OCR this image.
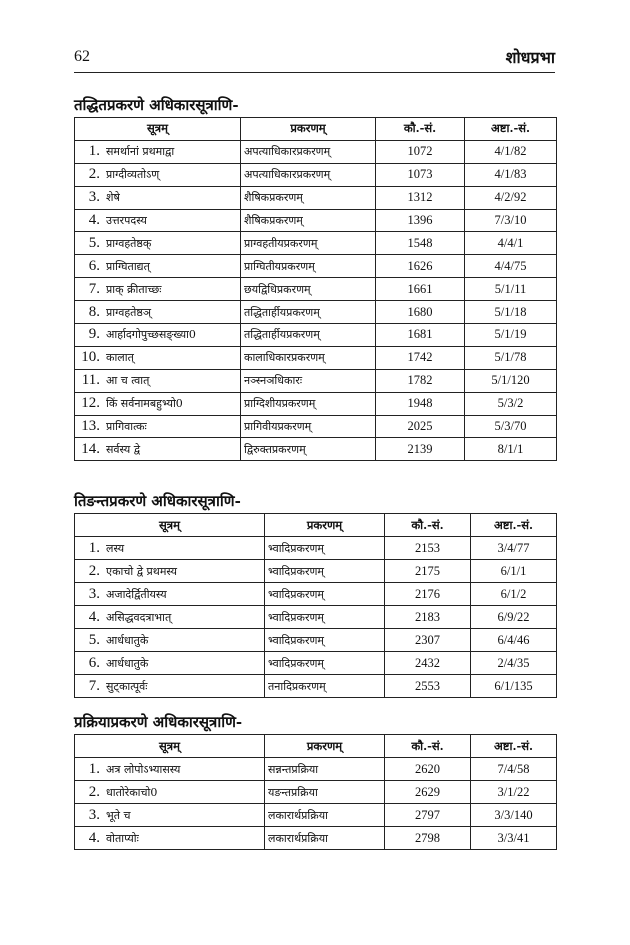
62	शोधप्रभा
तद्धितप्रकरणे अधिकारसूत्राणि-
सूत्रम्	प्रकरणम्	कौ.-सं.	अष्टा.-सं.
1. समर्थानां प्रथमाद्वा	अपत्याधिकारप्रकरणम्	1072	4/1/82
2. प्राग्दीव्यतोऽण्	अपत्याधिकारप्रकरणम्	1073	4/1/83
3. शेषे	शैषिकप्रकरणम्	1312	4/2/92
4. उत्तरपदस्य	शैषिकप्रकरणम्	1396	7/3/10
5. प्राग्वहतेष्ठक्	प्राग्वहतीयप्रकरणम्	1548	4/4/1
6. प्राग्घिताद्यत्	प्राग्घितीयप्रकरणम्	1626	4/4/75
7. प्राक् क्रीताच्छः	छयद्विधिप्रकरणम्	1661	5/1/11
8. प्राग्वहतेष्ठञ्	तद्धितार्हीयप्रकरणम्	1680	5/1/18
9. आर्हादगोपुच्छसङ्ख्या0	तद्धितार्हीयप्रकरणम्	1681	5/1/19
10. कालात्	कालाधिकारप्रकरणम्	1742	5/1/78
11. आ च त्वात्	नञ्स्नञधिकारः	1782	5/1/120
12. किं सर्वनामबहुभ्यो0	प्राग्दिशीयप्रकरणम्	1948	5/3/2
13. प्रागिवात्कः	प्रागिवीयप्रकरणम्	2025	5/3/70
14. सर्वस्य द्वे	द्विरुक्तप्रकरणम्	2139	8/1/1
तिङन्तप्रकरणे अधिकारसूत्राणि-
सूत्रम्	प्रकरणम्	कौ.-सं.	अष्टा.-सं.
1. लस्य	भ्वादिप्रकरणम्	2153	3/4/77
2. एकाचो द्वे प्रथमस्य	भ्वादिप्रकरणम्	2175	6/1/1
3. अजादेर्द्वितीयस्य	भ्वादिप्रकरणम्	2176	6/1/2
4. असिद्धवदत्राभात्	भ्वादिप्रकरणम्	2183	6/9/22
5. आर्धधातुके	भ्वादिप्रकरणम्	2307	6/4/46
6. आर्धधातुके	भ्वादिप्रकरणम्	2432	2/4/35
7. सुट्कात्पूर्वः	तनादिप्रकरणम्	2553	6/1/135
प्रक्रियाप्रकरणे अधिकारसूत्राणि-
सूत्रम्	प्रकरणम्	कौ.-सं.	अष्टा.-सं.
1. अत्र लोपोऽभ्यासस्य	सन्नन्तप्रक्रिया	2620	7/4/58
2. धातोरेकाचो0	यङन्तप्रक्रिया	2629	3/1/22
3. भूते च	लकारार्थप्रक्रिया	2797	3/3/140
4. वोताप्योः	लकारार्थप्रक्रिया	2798	3/3/41
